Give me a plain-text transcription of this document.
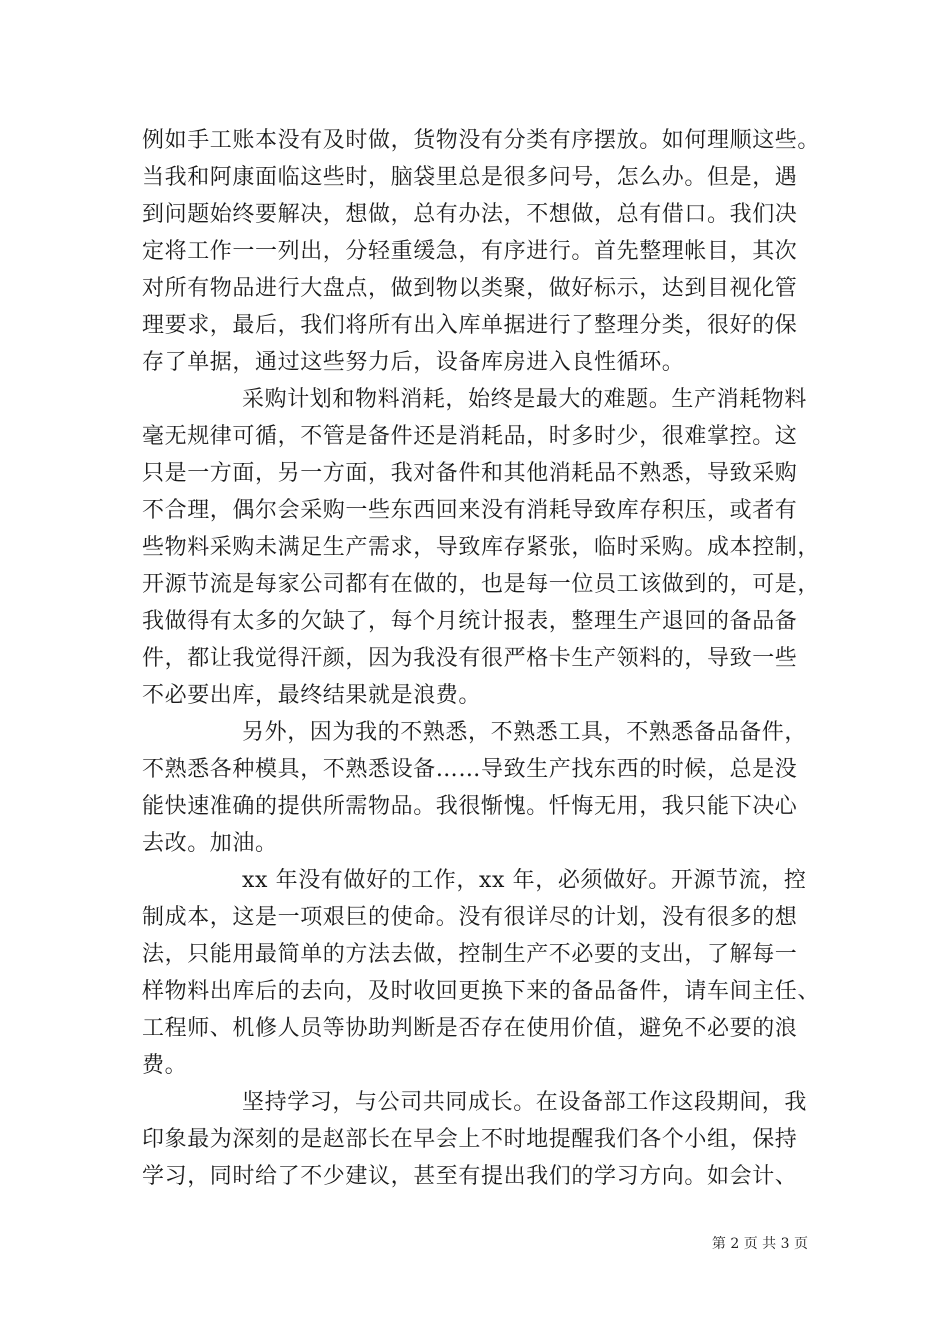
例如手工账本没有及时做，货物没有分类有序摆放。如何理顺这些。
当我和阿康面临这些时，脑袋里总是很多问号，怎么办。但是，遇
到问题始终要解决，想做，总有办法，不想做，总有借口。我们决
定将工作一一列出，分轻重缓急，有序进行。首先整理帐目，其次
对所有物品进行大盘点，做到物以类聚，做好标示，达到目视化管
理要求，最后，我们将所有出入库单据进行了整理分类，很好的保
存了单据，通过这些努力后，设备库房进入良性循环。
采购计划和物料消耗，始终是最大的难题。生产消耗物料
毫无规律可循，不管是备件还是消耗品，时多时少，很难掌控。这
只是一方面，另一方面，我对备件和其他消耗品不熟悉，导致采购
不合理，偶尔会采购一些东西回来没有消耗导致库存积压，或者有
些物料采购未满足生产需求，导致库存紧张，临时采购。成本控制，
开源节流是每家公司都有在做的，也是每一位员工该做到的，可是，
我做得有太多的欠缺了，每个月统计报表，整理生产退回的备品备
件，都让我觉得汗颜，因为我没有很严格卡生产领料的，导致一些
不必要出库，最终结果就是浪费。
另外，因为我的不熟悉，不熟悉工具，不熟悉备品备件，
不熟悉各种模具，不熟悉设备……导致生产找东西的时候，总是没
能快速准确的提供所需物品。我很惭愧。忏悔无用，我只能下决心
去改。加油。
xx 年没有做好的工作，xx 年，必须做好。开源节流，控
制成本，这是一项艰巨的使命。没有很详尽的计划，没有很多的想
法，只能用最简单的方法去做，控制生产不必要的支出，了解每一
样物料出库后的去向，及时收回更换下来的备品备件，请车间主任、
工程师、机修人员等协助判断是否存在使用价值，避免不必要的浪
费。
坚持学习，与公司共同成长。在设备部工作这段期间，我
印象最为深刻的是赵部长在早会上不时地提醒我们各个小组，保持
学习，同时给了不少建议，甚至有提出我们的学习方向。如会计、
第 2 页 共 3 页
